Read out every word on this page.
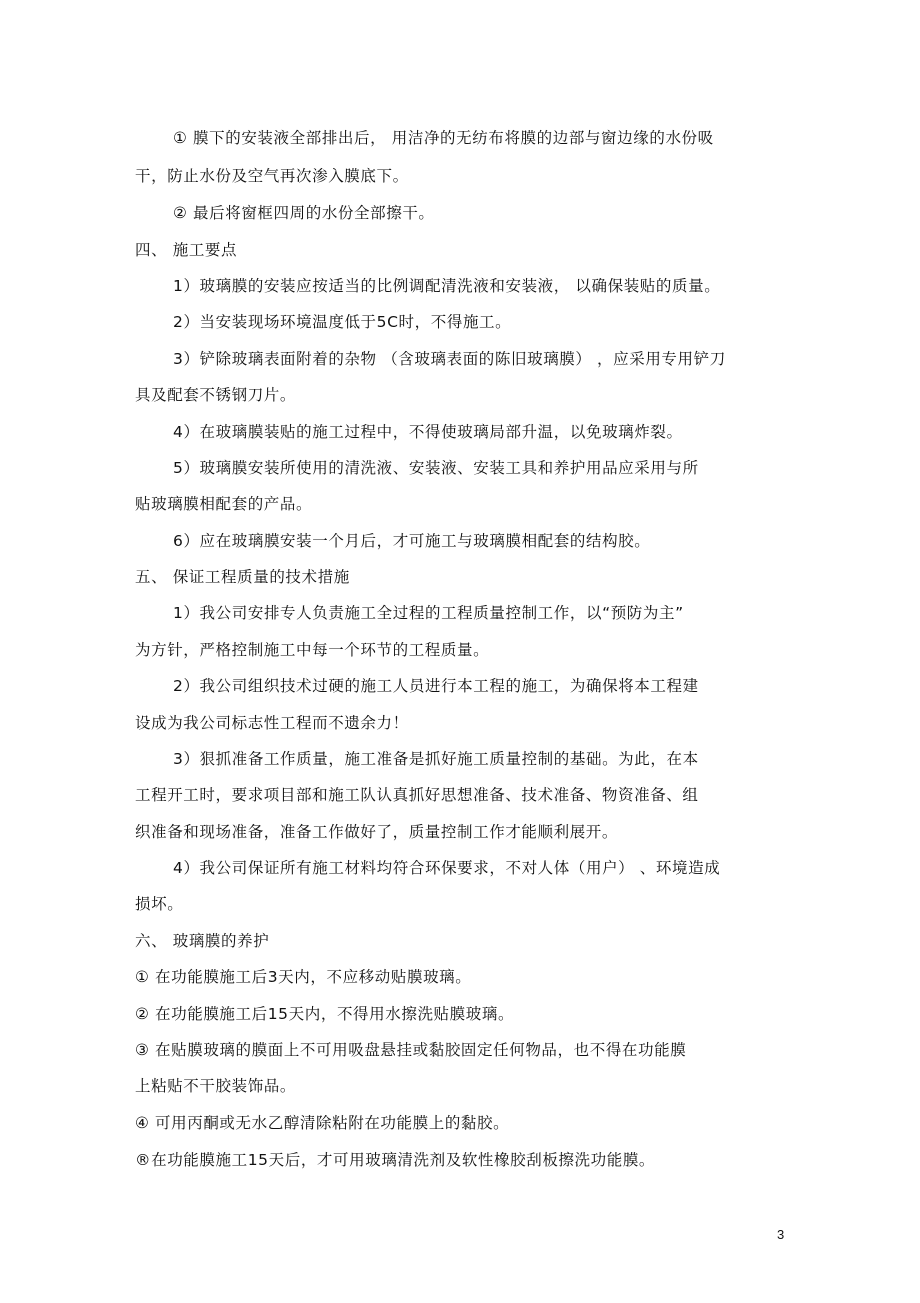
① 膜下的安装液全部排出后， 用洁净的无纺布将膜的边部与窗边缘的水份吸
干，防止水份及空气再次渗入膜底下。
② 最后将窗框四周的水份全部擦干。
四、 施工要点
1）玻璃膜的安装应按适当的比例调配清洗液和安装液， 以确保装贴的质量。
2）当安装现场环境温度低于5C时，不得施工。
3）铲除玻璃表面附着的杂物 （含玻璃表面的陈旧玻璃膜） ，应采用专用铲刀
具及配套不锈钢刀片。
4）在玻璃膜装贴的施工过程中，不得使玻璃局部升温，以免玻璃炸裂。
5）玻璃膜安装所使用的清洗液、安装液、安装工具和养护用品应采用与所
贴玻璃膜相配套的产品。
6）应在玻璃膜安装一个月后，才可施工与玻璃膜相配套的结构胶。
五、 保证工程质量的技术措施
1）我公司安排专人负责施工全过程的工程质量控制工作，以“预防为主”
为方针，严格控制施工中每一个环节的工程质量。
2）我公司组织技术过硬的施工人员进行本工程的施工，为确保将本工程建
设成为我公司标志性工程而不遗余力！
3）狠抓准备工作质量，施工准备是抓好施工质量控制的基础。为此，在本
工程开工时，要求项目部和施工队认真抓好思想准备、技术准备、物资准备、组
织准备和现场准备，准备工作做好了，质量控制工作才能顺利展开。
4）我公司保证所有施工材料均符合环保要求，不对人体（用户） 、环境造成
损坏。
六、 玻璃膜的养护
① 在功能膜施工后3天内，不应移动贴膜玻璃。
② 在功能膜施工后15天内，不得用水擦洗贴膜玻璃。
③ 在贴膜玻璃的膜面上不可用吸盘悬挂或黏胶固定任何物品，也不得在功能膜
上粘贴不干胶装饰品。
④ 可用丙酮或无水乙醇清除粘附在功能膜上的黏胶。
®在功能膜施工15天后，才可用玻璃清洗剂及软性橡胶刮板擦洗功能膜。
3
